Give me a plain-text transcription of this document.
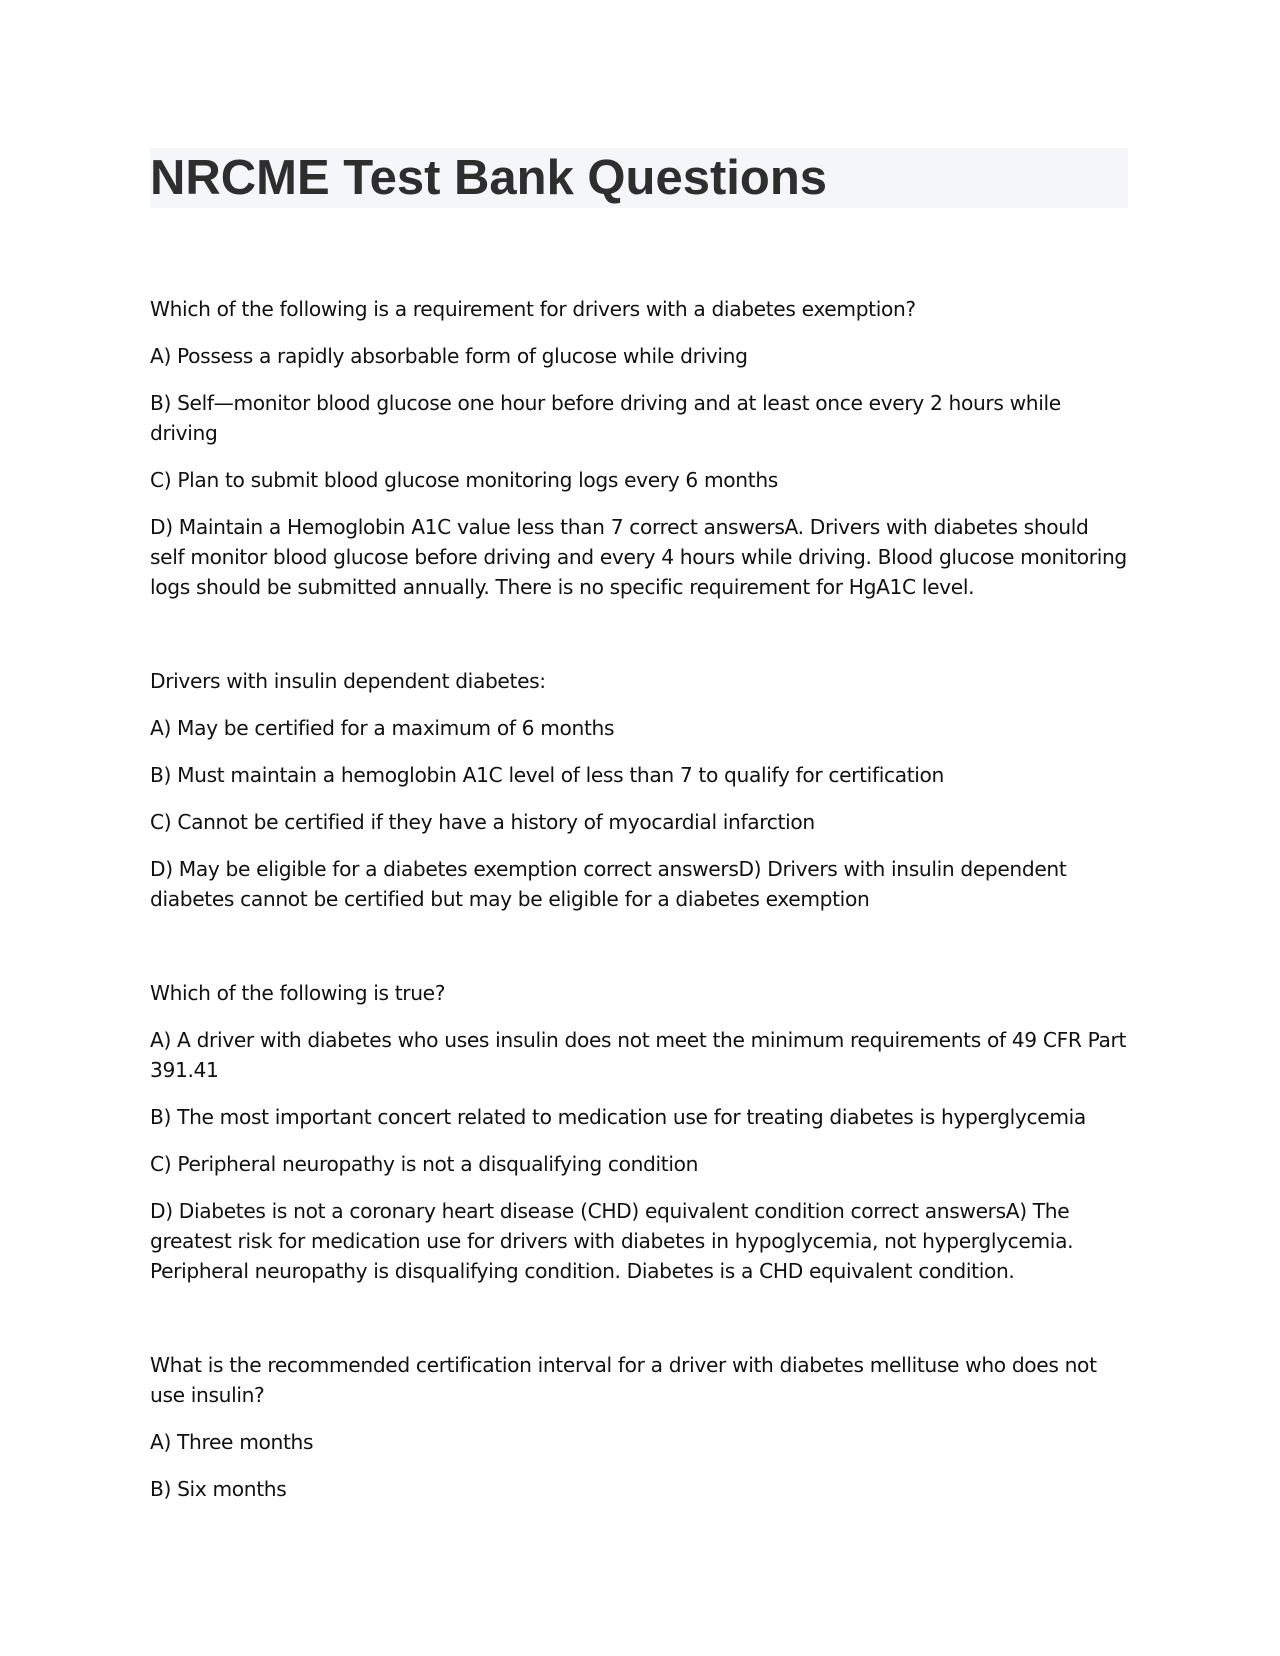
NRCME Test Bank Questions

Which of the following is a requirement for drivers with a diabetes exemption?

A) Possess a rapidly absorbable form of glucose while driving

B) Self—monitor blood glucose one hour before driving and at least once every 2 hours while driving

C) Plan to submit blood glucose monitoring logs every 6 months

D) Maintain a Hemoglobin A1C value less than 7 correct answersA. Drivers with diabetes should self monitor blood glucose before driving and every 4 hours while driving. Blood glucose monitoring logs should be submitted annually. There is no specific requirement for HgA1C level.

Drivers with insulin dependent diabetes:

A) May be certified for a maximum of 6 months

B) Must maintain a hemoglobin A1C level of less than 7 to qualify for certification

C) Cannot be certified if they have a history of myocardial infarction

D) May be eligible for a diabetes exemption correct answersD) Drivers with insulin dependent diabetes cannot be certified but may be eligible for a diabetes exemption

Which of the following is true?

A) A driver with diabetes who uses insulin does not meet the minimum requirements of 49 CFR Part 391.41

B) The most important concert related to medication use for treating diabetes is hyperglycemia

C) Peripheral neuropathy is not a disqualifying condition

D) Diabetes is not a coronary heart disease (CHD) equivalent condition correct answersA) The greatest risk for medication use for drivers with diabetes in hypoglycemia, not hyperglycemia. Peripheral neuropathy is disqualifying condition. Diabetes is a CHD equivalent condition.

What is the recommended certification interval for a driver with diabetes mellituse who does not use insulin?

A) Three months

B) Six months
